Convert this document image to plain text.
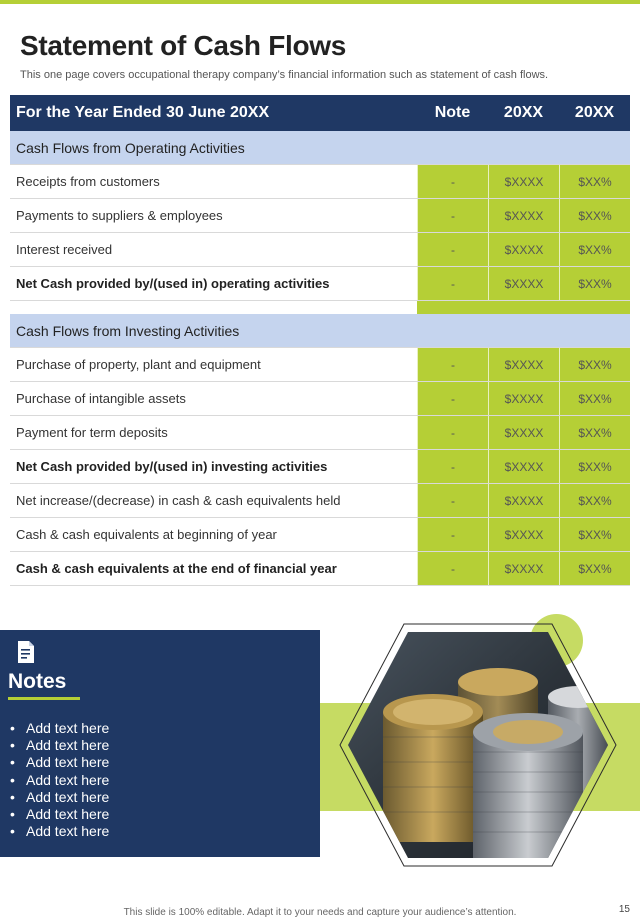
Statement of Cash Flows
This one page covers occupational therapy company’s financial information such as statement of cash flows.
For the Year Ended 30 June 20XX	Note	20XX	20XX
Cash Flows from Operating Activities
Receipts from customers	-	$XXXX	$XX%
Payments to suppliers & employees	-	$XXXX	$XX%
Interest received	-	$XXXX	$XX%
Net Cash provided by/(used in) operating activities	-	$XXXX	$XX%
Cash Flows from Investing Activities
Purchase of property, plant and equipment	-	$XXXX	$XX%
Purchase of intangible assets	-	$XXXX	$XX%
Payment for term deposits	-	$XXXX	$XX%
Net Cash provided by/(used in) investing activities	-	$XXXX	$XX%
Net increase/(decrease) in cash & cash equivalents held	-	$XXXX	$XX%
Cash & cash equivalents at beginning of year	-	$XXXX	$XX%
Cash & cash equivalents at the end of financial year	-	$XXXX	$XX%
Notes
• Add text here
• Add text here
• Add text here
• Add text here
• Add text here
• Add text here
• Add text here
This slide is 100% editable. Adapt it to your needs and capture your audience’s attention.	15
